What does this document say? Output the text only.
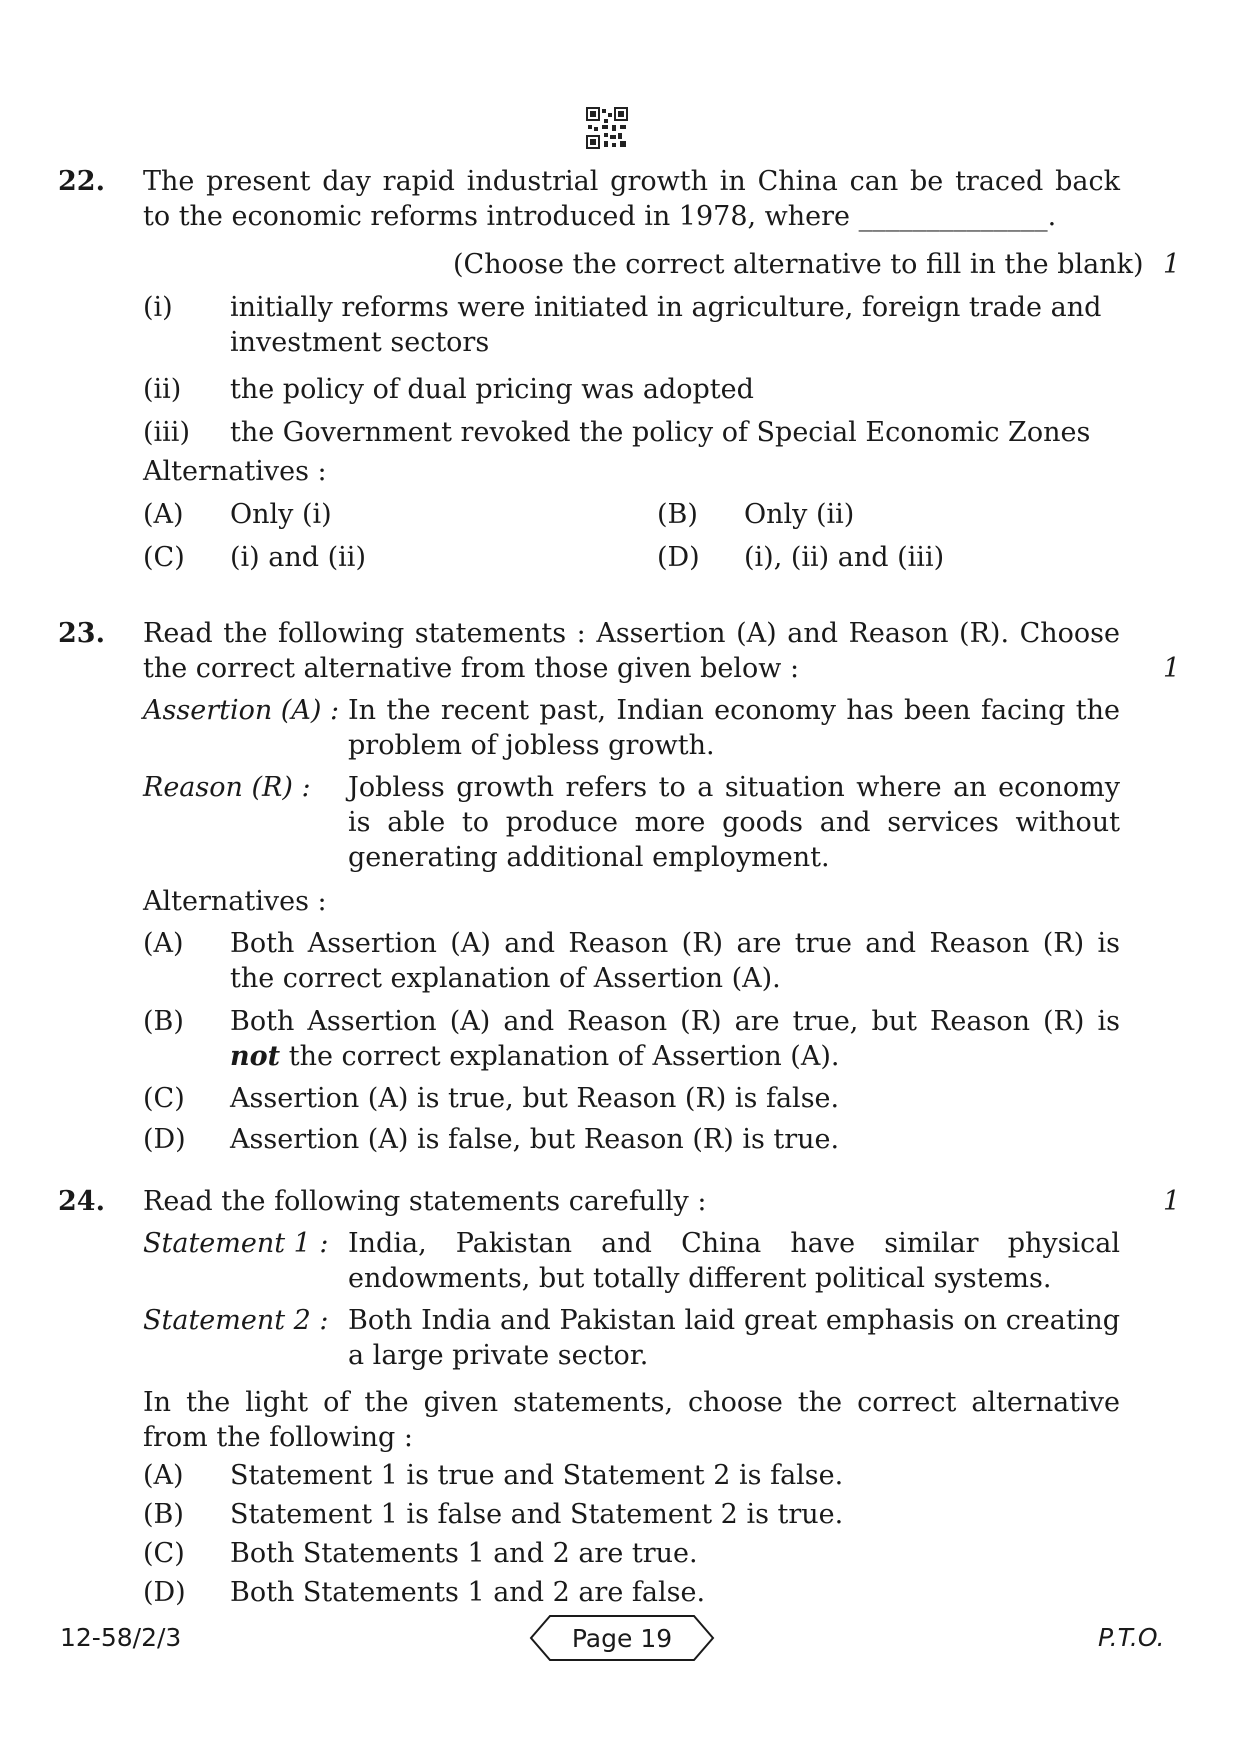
22. The present day rapid industrial growth in China can be traced back to the economic reforms introduced in 1978, where ______________.
(Choose the correct alternative to fill in the blank) 1
(i) initially reforms were initiated in agriculture, foreign trade and investment sectors
(ii) the policy of dual pricing was adopted
(iii) the Government revoked the policy of Special Economic Zones
Alternatives :
(A) Only (i)	(B) Only (ii)
(C) (i) and (ii)	(D) (i), (ii) and (iii)
23. Read the following statements : Assertion (A) and Reason (R). Choose the correct alternative from those given below :	1
Assertion (A) : In the recent past, Indian economy has been facing the problem of jobless growth.
Reason (R) : Jobless growth refers to a situation where an economy is able to produce more goods and services without generating additional employment.
Alternatives :
(A) Both Assertion (A) and Reason (R) are true and Reason (R) is the correct explanation of Assertion (A).
(B) Both Assertion (A) and Reason (R) are true, but Reason (R) is not the correct explanation of Assertion (A).
(C) Assertion (A) is true, but Reason (R) is false.
(D) Assertion (A) is false, but Reason (R) is true.
24. Read the following statements carefully :	1
Statement 1 : India, Pakistan and China have similar physical endowments, but totally different political systems.
Statement 2 : Both India and Pakistan laid great emphasis on creating a large private sector.
In the light of the given statements, choose the correct alternative from the following :
(A) Statement 1 is true and Statement 2 is false.
(B) Statement 1 is false and Statement 2 is true.
(C) Both Statements 1 and 2 are true.
(D) Both Statements 1 and 2 are false.
12-58/2/3	Page 19	P.T.O.
